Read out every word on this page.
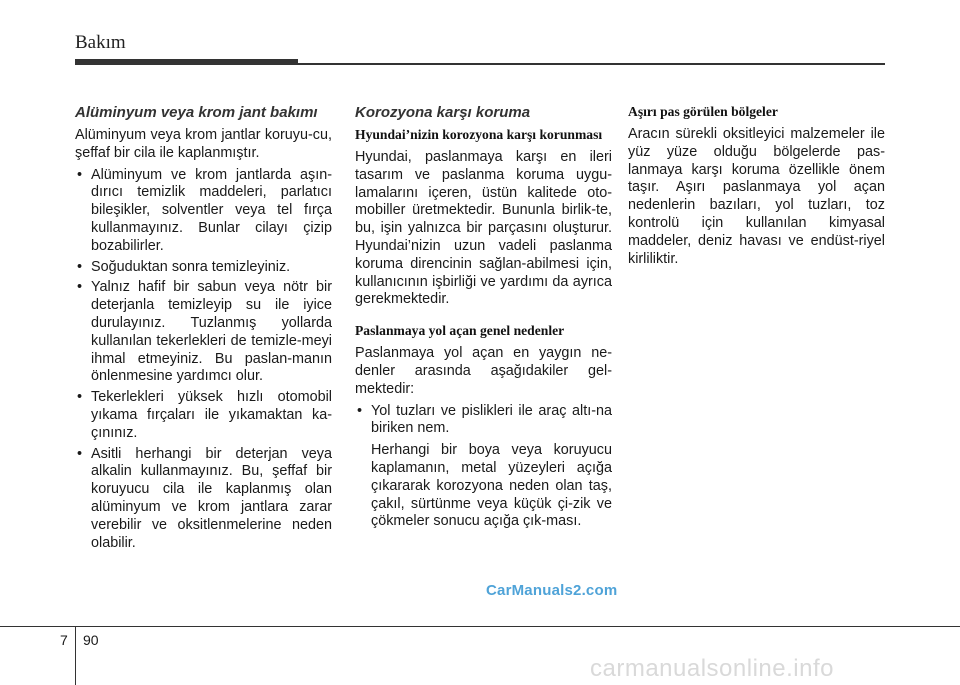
Bakım
Alüminyum veya krom jant bakımı

Alüminyum veya krom jantlar koruyu-cu, şeffaf bir cila ile kaplanmıştır.

• Alüminyum ve krom jantlarda aşın-dırıcı temizlik maddeleri, parlatıcı bileşikler, solventler veya tel fırça kullanmayınız. Bunlar cilayı çizip bozabilirler.
• Soğuduktan sonra temizleyiniz.
• Yalnız hafif bir sabun veya nötr bir deterjanla temizleyip su ile iyice durulayınız. Tuzlanmış yollarda kullanılan tekerlekleri de temizle-meyi ihmal etmeyiniz. Bu paslan-manın önlenmesine yardımcı olur.
• Tekerlekleri yüksek hızlı otomobil yıkama fırçaları ile yıkamaktan ka-çınınız.
• Asitli herhangi bir deterjan veya alkalin kullanmayınız. Bu, şeffaf bir koruyucu cila ile kaplanmış olan alüminyum ve krom jantlara zarar verebilir ve oksitlenmelerine neden olabilir.
Korozyona karşı koruma
Hyundai’nizin korozyona karşı korunması

Hyundai, paslanmaya karşı en ileri tasarım ve paslanma koruma uygu-lamalarını içeren, üstün kalitede oto-mobiller üretmektedir. Bununla birlik-te, bu, işin yalnızca bir parçasını oluşturur. Hyundai’nizin uzun vadeli paslanma koruma direncinin sağlan-abilmesi için, kullanıcının işbirliği ve yardımı da ayrıca gerekmektedir.

Paslanmaya yol açan genel nedenler

Paslanmaya yol açan en yaygın ne-denler arasında aşağıdakiler gel-mektedir:

• Yol tuzları ve pislikleri ile araç altı-na biriken nem.

Herhangi bir boya veya koruyucu kaplamanın, metal yüzeyleri açığa çıkararak korozyona neden olan taş, çakıl, sürtünme veya küçük çi-zik ve çökmeler sonucu açığa çık-ması.

Aşırı pas görülen bölgeler

Aracın sürekli oksitleyici malzemeler ile yüz yüze olduğu bölgelerde pas-lanmaya karşı koruma özellikle önem taşır. Aşırı paslanmaya yol açan nedenlerin bazıları, yol tuzları, toz kontrolü için kullanılan kimyasal maddeler, deniz havası ve endüst-riyel kirliliktir.

CarManuals2.com
7 90
carmanualsonline.info
